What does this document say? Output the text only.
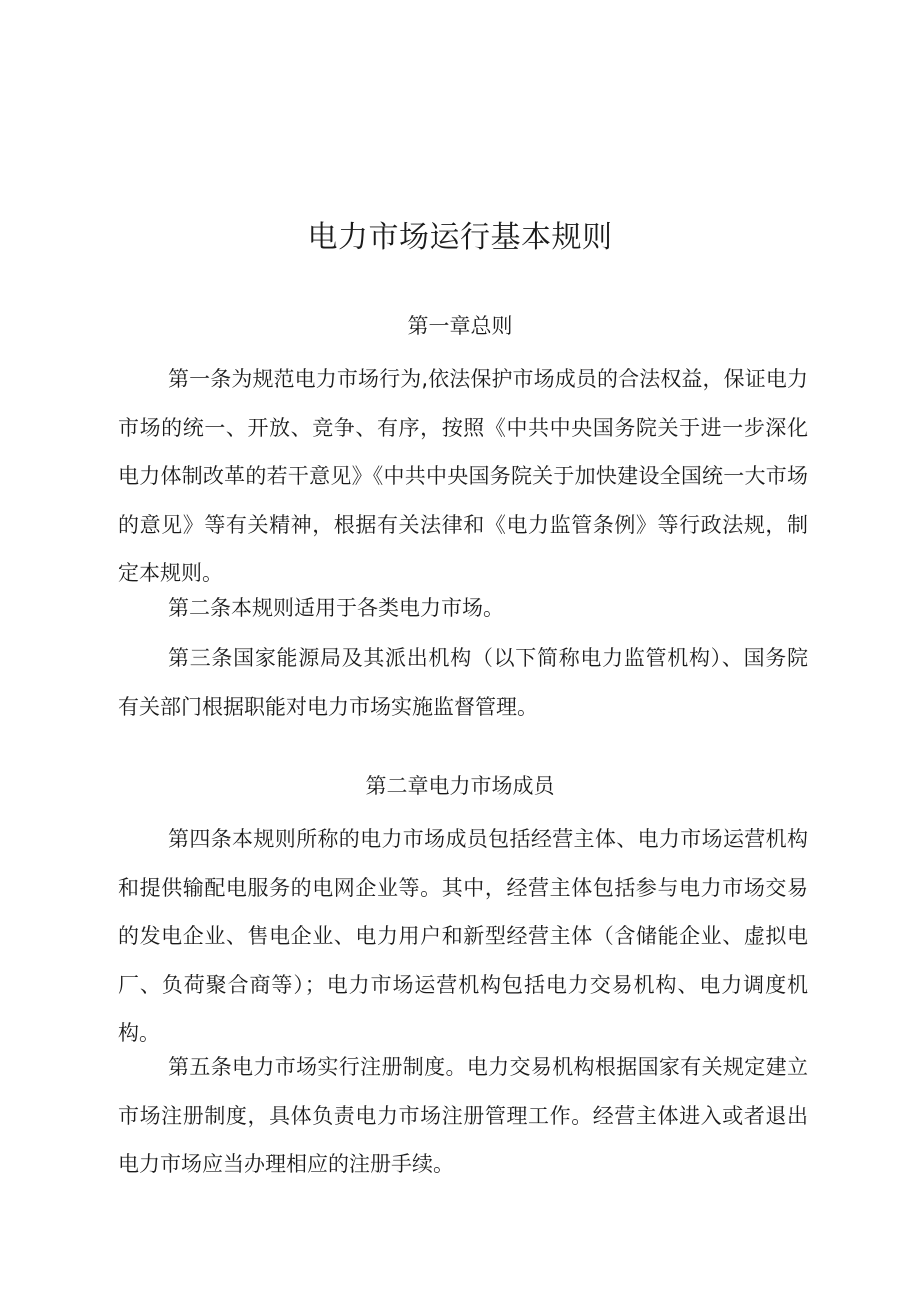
电力市场运行基本规则
第一章总则

第一条为规范电力市场行为,依法保护市场成员的合法权益，保证电力市场的统一、开放、竞争、有序，按照《中共中央国务院关于进一步深化电力体制改革的若干意见》《中共中央国务院关于加快建设全国统一大市场的意见》等有关精神，根据有关法律和《电力监管条例》等行政法规，制定本规则。

第二条本规则适用于各类电力市场。

第三条国家能源局及其派出机构（以下简称电力监管机构）、国务院有关部门根据职能对电力市场实施监督管理。

第二章电力市场成员

第四条本规则所称的电力市场成员包括经营主体、电力市场运营机构和提供输配电服务的电网企业等。其中，经营主体包括参与电力市场交易的发电企业、售电企业、电力用户和新型经营主体（含储能企业、虚拟电厂、负荷聚合商等）；电力市场运营机构包括电力交易机构、电力调度机构。

第五条电力市场实行注册制度。电力交易机构根据国家有关规定建立市场注册制度，具体负责电力市场注册管理工作。经营主体进入或者退出电力市场应当办理相应的注册手续。
